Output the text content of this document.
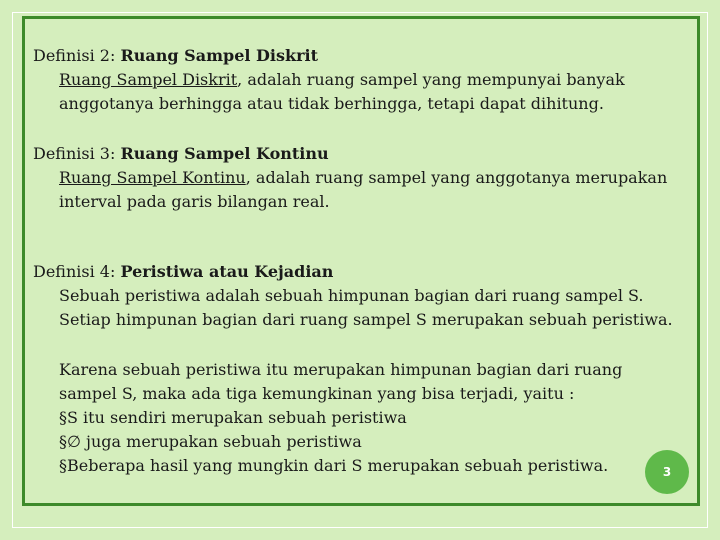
Definisi 2: Ruang Sampel Diskrit
Ruang Sampel Diskrit, adalah ruang sampel yang mempunyai banyak
anggotanya berhingga atau tidak berhingga, tetapi dapat dihitung.
Definisi 3: Ruang Sampel Kontinu
Ruang Sampel Kontinu, adalah ruang sampel yang anggotanya merupakan
interval pada garis bilangan real.
Definisi 4: Peristiwa atau Kejadian
Sebuah peristiwa adalah sebuah himpunan bagian dari ruang sampel S.
Setiap himpunan bagian dari ruang sampel S merupakan sebuah peristiwa.
Karena sebuah peristiwa itu merupakan himpunan bagian dari ruang
sampel S, maka ada tiga kemungkinan yang bisa terjadi, yaitu :
§S itu sendiri merupakan sebuah peristiwa
§∅ juga merupakan sebuah peristiwa
§Beberapa hasil yang mungkin dari S merupakan sebuah peristiwa.	3
